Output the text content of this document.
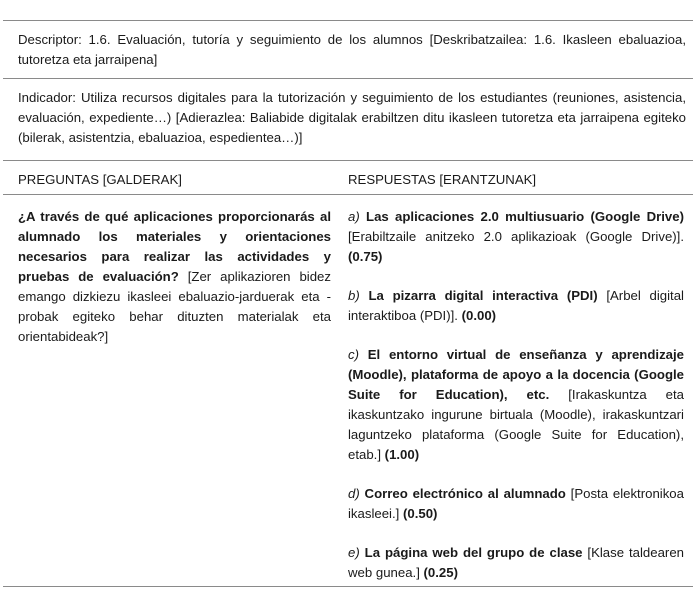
Descriptor: 1.6. Evaluación, tutoría y seguimiento de los alumnos [Deskribatzailea: 1.6. Ikasleen ebaluazioa, tutoretza eta jarraipena]
Indicador: Utiliza recursos digitales para la tutorización y seguimiento de los estudiantes (reuniones, asistencia, evaluación, expediente…) [Adierazlea: Baliabide digitalak erabiltzen ditu ikasleen tutoretza eta jarraipena egiteko (bilerak, asistentzia, ebaluazioa, espedientea…)]
PREGUNTAS [GALDERAK]	RESPUESTAS [ERANTZUNAK]
¿A través de qué aplicaciones proporcionarás al alumnado los materiales y orientaciones necesarios para realizar las actividades y pruebas de evaluación? [Zer aplikazioren bidez emango dizkiezu ikasleei ebaluazio-jarduerak eta -probak egiteko behar dituzten materialak eta orientabideak?]
a) Las aplicaciones 2.0 multiusuario (Google Drive) [Erabiltzaile anitzeko 2.0 aplikazioak (Google Drive)]. (0.75)
b) La pizarra digital interactiva (PDI) [Arbel digital interaktiboa (PDI)]. (0.00)
c) El entorno virtual de enseñanza y aprendizaje (Moodle), plataforma de apoyo a la docencia (Google Suite for Education), etc. [Irakaskuntza eta ikaskuntzako ingurune birtuala (Moodle), irakaskuntzari laguntzeko plataforma (Google Suite for Education), etab.] (1.00)
d) Correo electrónico al alumnado [Posta elektronikoa ikasleei.] (0.50)
e) La página web del grupo de clase [Klase taldearen web gunea.] (0.25)
